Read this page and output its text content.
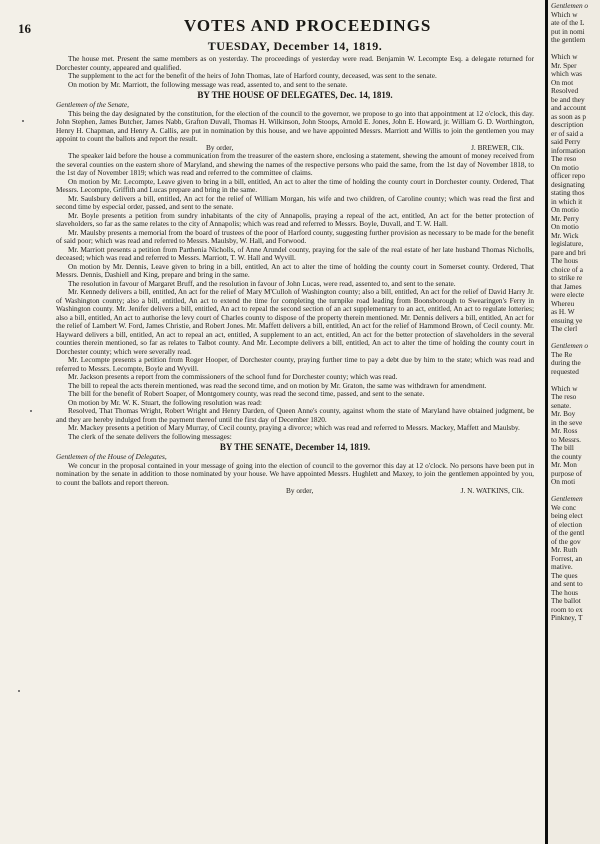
16	VOTES AND PROCEEDINGS

TUESDAY, December 14, 1819.

The house met. Present the same members as on yesterday. The proceedings of yesterday were read. Benjamin W. Lecompte Esq. a delegate returned for Dorchester county, appeared and qualified.

The supplement to the act for the benefit of the heirs of John Thomas, late of Harford county, deceased, was sent to the senate.

On motion by Mr. Marriott, the following message was read, assented to, and sent to the senate.

BY THE HOUSE OF DELEGATES, Dec. 14, 1819.

Gentlemen of the Senate,

This being the day designated by the constitution, for the election of the council to the governor, we propose to go into that appointment at 12 o'clock, this day. John Stephen, James Butcher, James Nabb, Grafton Duvall, Thomas H. Wilkinson, John Stoops, Arnold E. Jones, John E. Howard, jr. William G. D. Worthington, Henry H. Chapman, and Henry A. Callis, are put in nomination by this house, and we have appointed Messrs. Marriott and Willis to join the gentlemen you may appoint to count the ballots and report the result.

By order,	J. BREWER, Clk.

The speaker laid before the house a communication from the treasurer of the eastern shore, enclosing a statement, shewing the amount of money received from the several counties on the eastern shore of Maryland, and shewing the names of the respective persons who paid the same, from the 1st day of November 1818, to the 1st day of November 1819; which was read and referred to the committee of claims.

On motion by Mr. Lecompte, Leave given to bring in a bill, entitled, An act to alter the time of holding the county court in Dorchester county. Ordered, That Messrs. Lecompte, Griffith and Lucas prepare and bring in the same.

Mr. Saulsbury delivers a bill, entitled, An act for the relief of William Morgan, his wife and two children, of Caroline county; which was read the first and second time by especial order, passed, and sent to the senate.

Mr. Boyle presents a petition from sundry inhabitants of the city of Annapolis, praying a repeal of the act, entitled, An act for the better protection of slaveholders, so far as the same relates to the city of Annapolis; which was read and referred to Messrs. Boyle, Duvall, and T. W. Hall.

Mr. Maulsby presents a memorial from the board of trustees of the poor of Harford county, suggesting further provision as necessary to be made for the benefit of said poor; which was read and referred to Messrs. Maulsby, W. Hall, and Forwood.

Mr. Marriott presents a petition from Parthenia Nicholls, of Anne Arundel county, praying for the sale of the real estate of her late husband Thomas Nicholls, deceased; which was read and referred to Messrs. Marriott, T. W. Hall and Wyvill.

On motion by Mr. Dennis, Leave given to bring in a bill, entitled, An act to alter the time of holding the county court in Somerset county. Ordered, That Messrs. Dennis, Dashiell and King, prepare and bring in the same.

The resolution in favour of Margaret Bruff, and the resolution in favour of John Lucas, were read, assented to, and sent to the senate.

Mr. Kennedy delivers a bill, entitled, An act for the relief of Mary M'Culloh of Washington county; also a bill, entitled, An act for the relief of David Harry Jr. of Washington county; also a bill, entitled, An act to extend the time for completing the turnpike road leading from Boonsborough to Swearingen's Ferry in Washington county. Mr. Jenifer delivers a bill, entitled, An act to repeal the second section of an act supplementary to an act, entitled, An act to regulate lotteries; also a bill, entitled, An act to authorise the levy court of Charles county to dispose of the property therein mentioned. Mr. Dennis delivers a bill, entitled, An act for the relief of Lambert W. Ford, James Christie, and Robert Jones. Mr. Maffett delivers a bill, entitled, An act for the relief of Hammond Brown, of Cecil county. Mr. Hayward delivers a bill, entitled, An act to repeal an act, entitled, A supplement to an act, entitled, An act for the better protection of slaveholders in the several counties therein mentioned, so far as relates to Talbot county. And Mr. Lecompte delivers a bill, entitled, An act to alter the time of holding the county court in Dorchester county; which were severally read.

Mr. Lecompte presents a petition from Roger Hooper, of Dorchester county, praying further time to pay a debt due by him to the state; which was read and referred to Messrs. Lecompte, Boyle and Wyvill.

Mr. Jackson presents a report from the commissioners of the school fund for Dorchester county; which was read.

The bill to repeal the acts therein mentioned, was read the second time, and on motion by Mr. Graton, the same was withdrawn for amendment.

The bill for the benefit of Robert Soaper, of Montgomery county, was read the second time, passed, and sent to the senate.

On motion by Mr. W. K. Stuart, the following resolution was read:

Resolved, That Thomas Wright, Robert Wright and Henry Darden, of Queen Anne's county, against whom the state of Maryland have obtained judgment, be and they are hereby indulged from the payment thereof until the first day of December 1820.

Mr. Mackey presents a petition of Mary Murray, of Cecil county, praying a divorce; which was read and referred to Messrs. Mackey, Maffett and Maulsby.

The clerk of the senate delivers the following messages:

BY THE SENATE, December 14, 1819.

Gentlemen of the House of Delegates,

We concur in the proposal contained in your message of going into the election of council to the governor this day at 12 o'clock. No persons have been put in nomination by the senate in addition to those nominated by your house. We have appointed Messrs. Hughlett and Maxey, to join the gentlemen appointed by you, to count the ballots and report thereon.

By order,	J. N. WATKINS, Clk.
Gentlemen o
Which w
ate of the L
put in nomi
the gentlem

Which w
Mr. Sper
which was
On mot
Resolved
be and they
and account
as soon as p
description
er of said a
said Perry
information
The reso
On motio
officer repo
designating
stating thos
in which it
On motio
Mr. Perry
On motio
Mr. Wick
legislature,
pare and bri
The hous
choice of a
to strike re
that James
were electe
Whereu
as H. W
ensuing ye
The clerl

Gentlemen o
The Re
during the
requested

Which w
The reso
senate.
Mr. Boy
in the seve
Mr. Ross
to Messrs.
The bill
the county
Mr. Mon
purpose of
On moti

Gentlemen
We conc
being elect
of election
of the gentl
of the gov
Mr. Ruth
Forrest, an
mative.
The ques
and sent to
The hous
The ballot
room to ex
Pinkney, T
